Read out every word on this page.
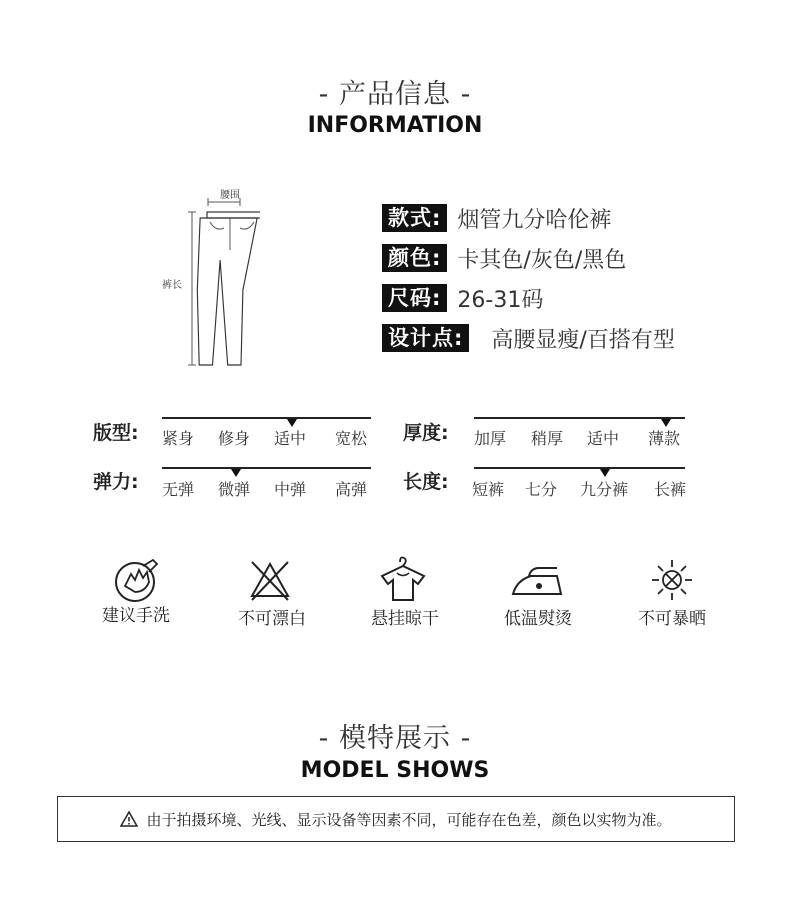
- 产品信息 -
INFORMATION
腰围
裤长
款式: 烟管九分哈伦裤
颜色: 卡其色/灰色/黑色
尺码: 26-31码
设计点: 高腰显瘦/百搭有型
版型: 紧身 修身 适中 宽松 厚度: 加厚 稍厚 适中 薄款
弹力: 无弹 微弹 中弹 高弹 长度: 短裤 七分 九分裤 长裤
建议手洗	不可漂白	悬挂晾干	低温熨烫	不可暴晒
- 模特展示 -
MODEL SHOWS
由于拍摄环境、光线、显示设备等因素不同，可能存在色差，颜色以实物为准。
